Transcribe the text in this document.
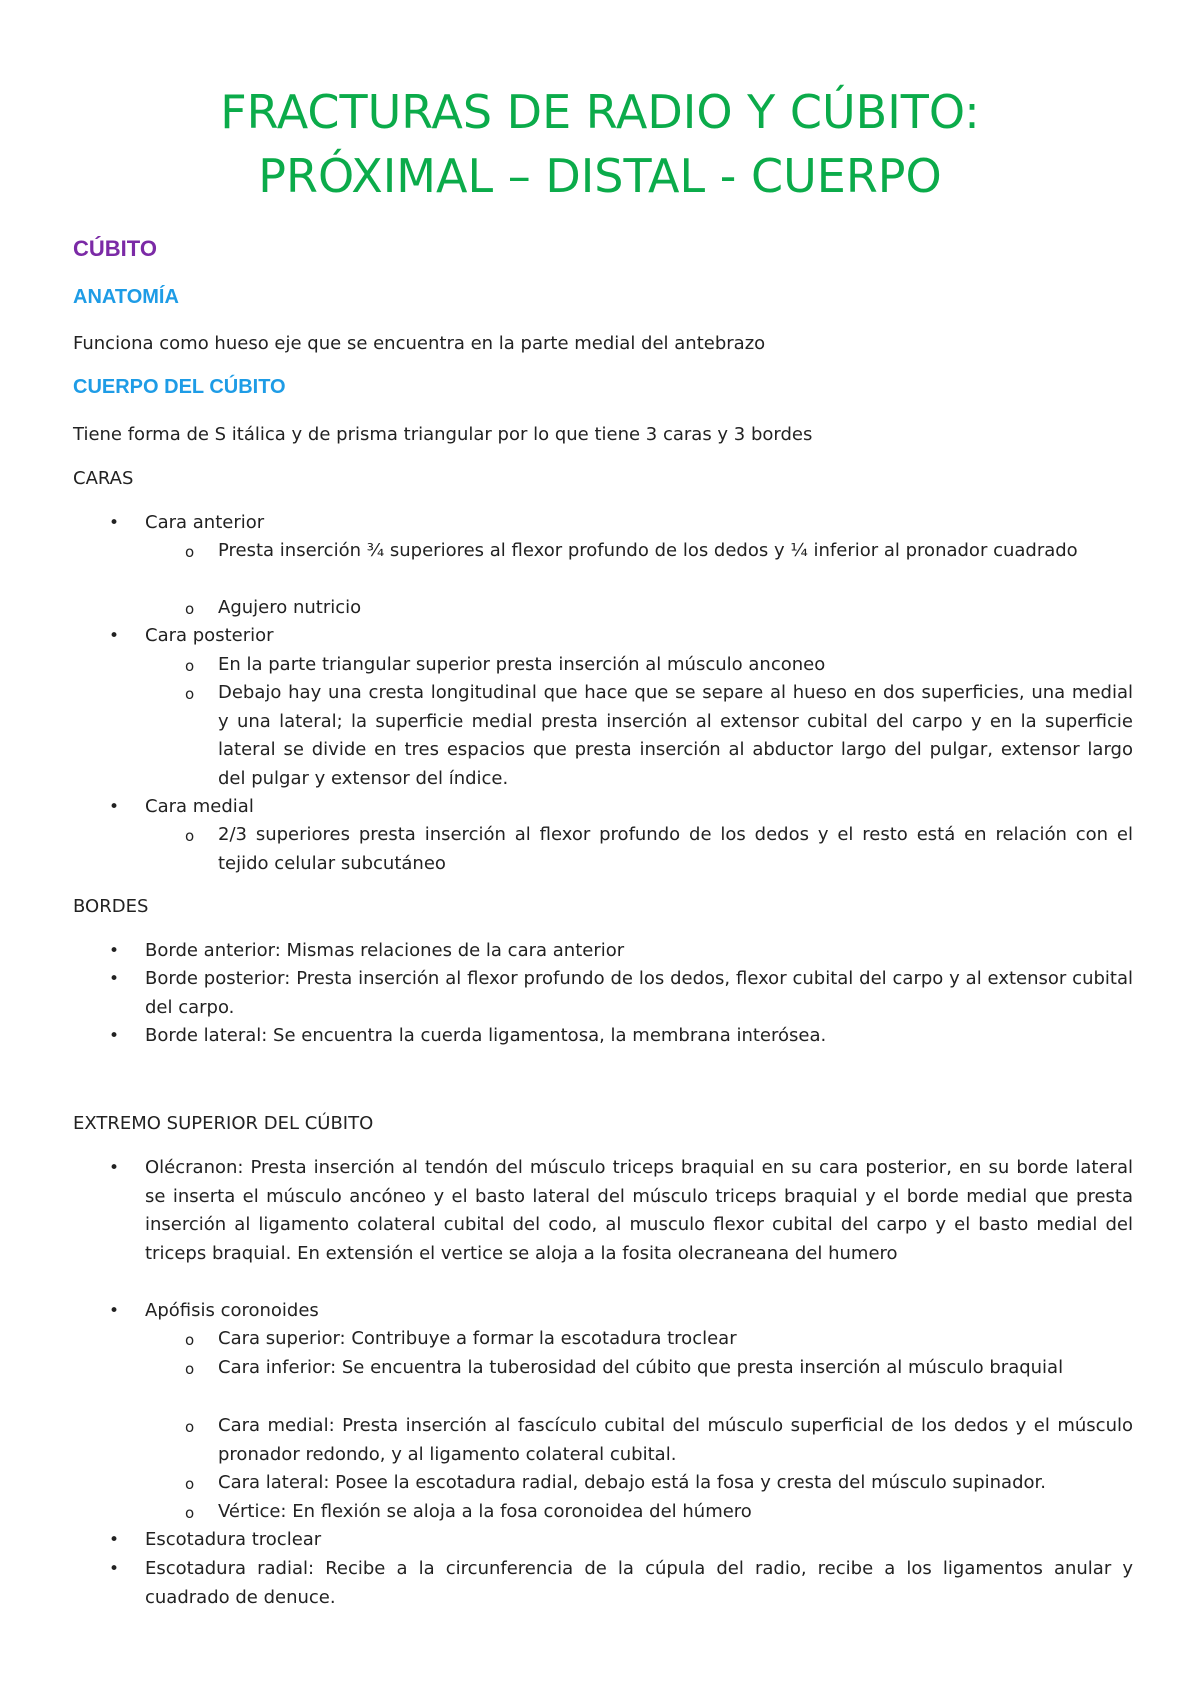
FRACTURAS DE RADIO Y CÚBITO:
PRÓXIMAL – DISTAL - CUERPO
CÚBITO
ANATOMÍA

Funciona como hueso eje que se encuentra en la parte medial del antebrazo

CUERPO DEL CÚBITO

Tiene forma de S itálica y de prisma triangular por lo que tiene 3 caras y 3 bordes

CARAS

• Cara anterior

o Presta inserción ¾ superiores al flexor profundo de los dedos y ¼ inferior al pronador cuadrado

o Agujero nutricio

• Cara posterior

o En la parte triangular superior presta inserción al músculo anconeo

o Debajo hay una cresta longitudinal que hace que se separe al hueso en dos superficies, una medial y una lateral; la superficie medial presta inserción al extensor cubital del carpo y en la superficie lateral se divide en tres espacios que presta inserción al abductor largo del pulgar, extensor largo del pulgar y extensor del índice.

• Cara medial

o 2/3 superiores presta inserción al flexor profundo de los dedos y el resto está en relación con el tejido celular subcutáneo

BORDES

• Borde anterior: Mismas relaciones de la cara anterior

• Borde posterior: Presta inserción al flexor profundo de los dedos, flexor cubital del carpo y al extensor cubital del carpo.

• Borde lateral: Se encuentra la cuerda ligamentosa, la membrana interósea.

EXTREMO SUPERIOR DEL CÚBITO

• Olécranon: Presta inserción al tendón del músculo triceps braquial en su cara posterior, en su borde lateral se inserta el músculo ancóneo y el basto lateral del músculo triceps braquial y el borde medial que presta inserción al ligamento colateral cubital del codo, al musculo flexor cubital del carpo y el basto medial del triceps braquial. En extensión el vertice se aloja a la fosita olecraneana del humero

• Apófisis coronoides

o Cara superior: Contribuye a formar la escotadura troclear

o Cara inferior: Se encuentra la tuberosidad del cúbito que presta inserción al músculo braquial

o Cara medial: Presta inserción al fascículo cubital del músculo superficial de los dedos y el músculo pronador redondo, y al ligamento colateral cubital.

o Cara lateral: Posee la escotadura radial, debajo está la fosa y cresta del músculo supinador.

o Vértice: En flexión se aloja a la fosa coronoidea del húmero

• Escotadura troclear

• Escotadura radial: Recibe a la circunferencia de la cúpula del radio, recibe a los ligamentos anular y cuadrado de denuce.
